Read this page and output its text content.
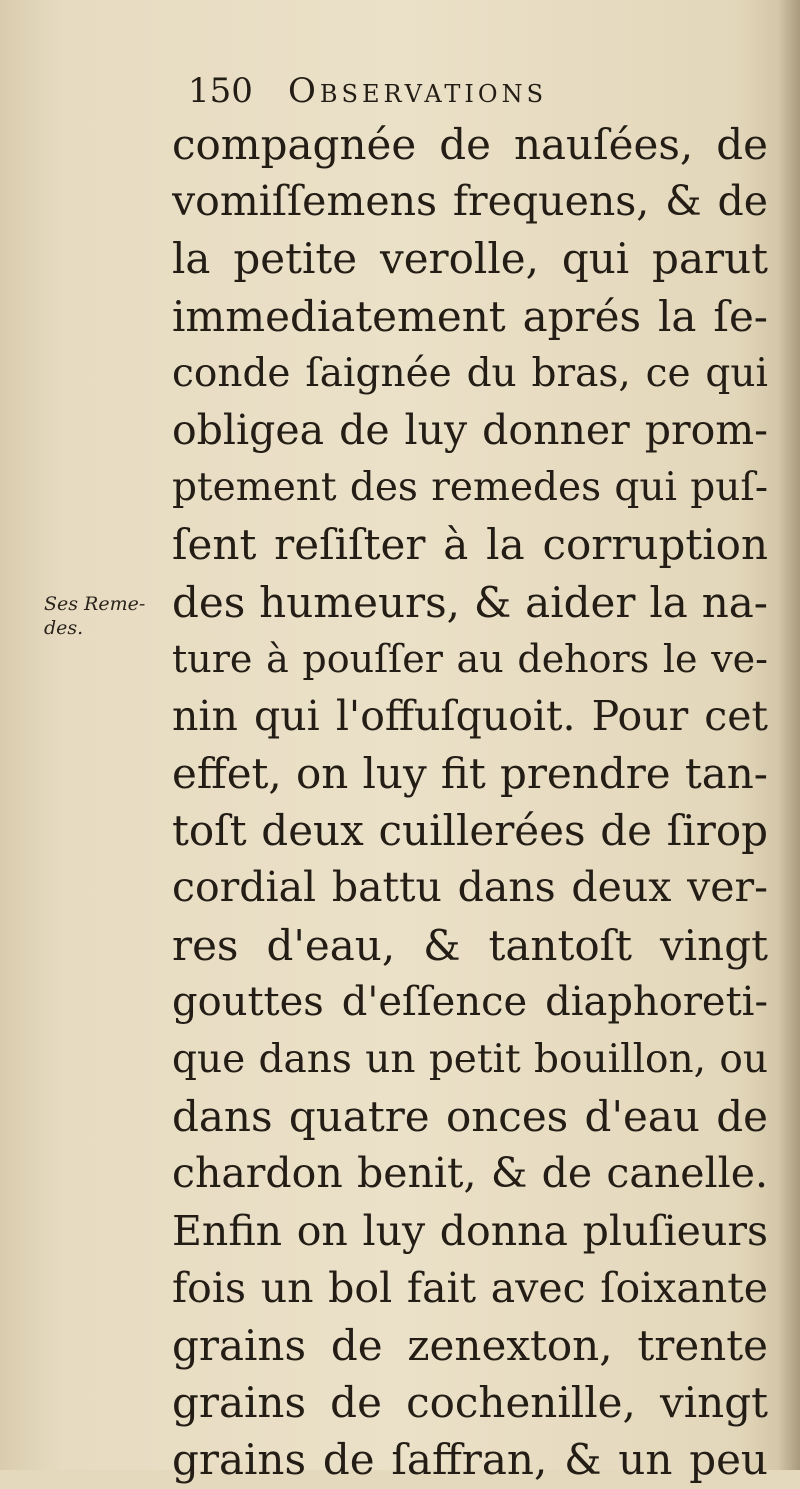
150 Observations
Ses Reme-
des.
compagnée de nauſées, de
vomiſſemens frequens, & de
la petite verolle, qui parut
immediatement aprés la ſe-
conde ſaignée du bras, ce qui
obligea de luy donner prom-
ptement des remedes qui puſ-
ſent reſiſter à la corruption
des humeurs, & aider la na-
ture à pouſſer au dehors le ve-
nin qui l'offuſquoit. Pour cet
effet, on luy fit prendre tan-
toſt deux cuillerées de ſirop
cordial battu dans deux ver-
res d'eau, & tantoſt vingt
gouttes d'eſſence diaphoreti-
que dans un petit bouillon, ou
dans quatre onces d'eau de
chardon benit, & de canelle.
Enfin on luy donna pluſieurs
fois un bol fait avec ſoixante
grains de zenexton, trente
grains de cochenille, vingt
grains de ſaffran, & un peu
